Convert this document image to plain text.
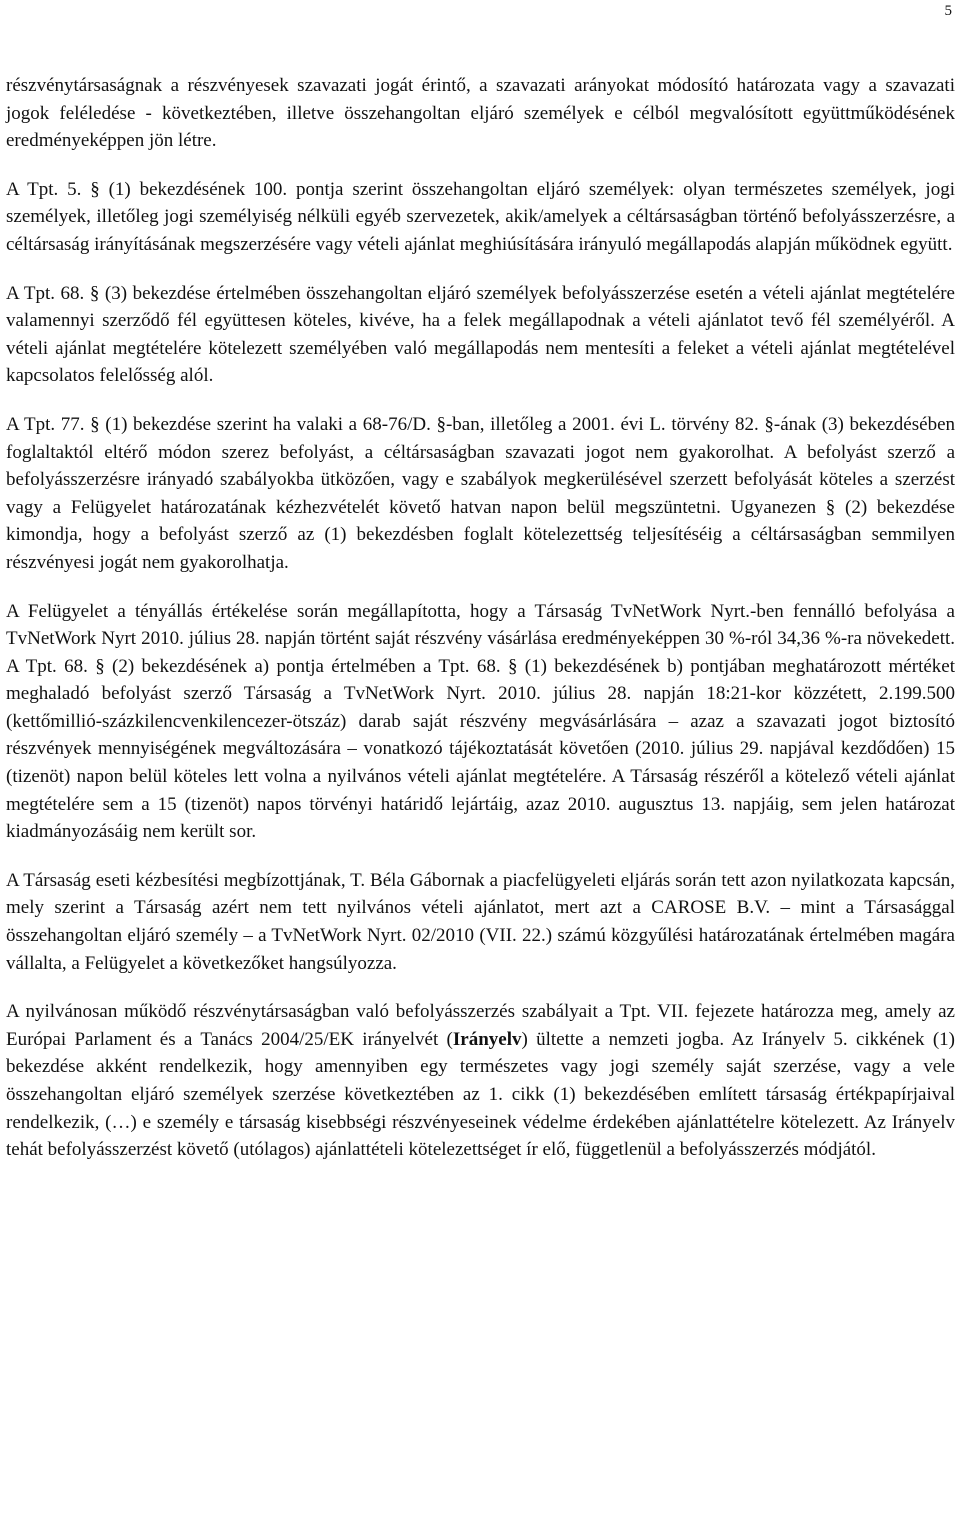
5

részvénytársaságnak a részvényesek szavazati jogát érintő, a szavazati arányokat módosító határozata vagy a szavazati jogok feléledése - következtében, illetve összehangoltan eljáró személyek e célból megvalósított együttműködésének eredményeképpen jön létre.

A Tpt. 5. § (1) bekezdésének 100. pontja szerint összehangoltan eljáró személyek: olyan természetes személyek, jogi személyek, illetőleg jogi személyiség nélküli egyéb szervezetek, akik/amelyek a céltársaságban történő befolyásszerzésre, a céltársaság irányításának megszerzésére vagy vételi ajánlat meghiúsítására irányuló megállapodás alapján működnek együtt.

A Tpt. 68. § (3) bekezdése értelmében összehangoltan eljáró személyek befolyásszerzése esetén a vételi ajánlat megtételére valamennyi szerződő fél együttesen köteles, kivéve, ha a felek megállapodnak a vételi ajánlatot tevő fél személyéről. A vételi ajánlat megtételére kötelezett személyében való megállapodás nem mentesíti a feleket a vételi ajánlat megtételével kapcsolatos felelősség alól.

A Tpt. 77. § (1) bekezdése szerint ha valaki a 68-76/D. §-ban, illetőleg a 2001. évi L. törvény 82. §-ának (3) bekezdésében foglaltaktól eltérő módon szerez befolyást, a céltársaságban szavazati jogot nem gyakorolhat. A befolyást szerző a befolyásszerzésre irányadó szabályokba ütközően, vagy e szabályok megkerülésével szerzett befolyását köteles a szerzést vagy a Felügyelet határozatának kézhezvételét követő hatvan napon belül megszüntetni. Ugyanezen § (2) bekezdése kimondja, hogy a befolyást szerző az (1) bekezdésben foglalt kötelezettség teljesítéséig a céltársaságban semmilyen részvényesi jogát nem gyakorolhatja.

A Felügyelet a tényállás értékelése során megállapította, hogy a Társaság TvNetWork Nyrt.-ben fennálló befolyása a TvNetWork Nyrt 2010. július 28. napján történt saját részvény vásárlása eredményeképpen 30 %-ról 34,36 %-ra növekedett. A Tpt. 68. § (2) bekezdésének a) pontja értelmében a Tpt. 68. § (1) bekezdésének b) pontjában meghatározott mértéket meghaladó befolyást szerző Társaság a TvNetWork Nyrt. 2010. július 28. napján 18:21-kor közzétett, 2.199.500 (kettőmillió-százkilencvenkilencezer-ötszáz) darab saját részvény megvásárlására – azaz a szavazati jogot biztosító részvények mennyiségének megváltozására – vonatkozó tájékoztatását követően (2010. július 29. napjával kezdődően) 15 (tizenöt) napon belül köteles lett volna a nyilvános vételi ajánlat megtételére. A Társaság részéről a kötelező vételi ajánlat megtételére sem a 15 (tizenöt) napos törvényi határidő lejártáig, azaz 2010. augusztus 13. napjáig, sem jelen határozat kiadmányozásáig nem került sor.

A Társaság eseti kézbesítési megbízottjának, T. Béla Gábornak a piacfelügyeleti eljárás során tett azon nyilatkozata kapcsán, mely szerint a Társaság azért nem tett nyilvános vételi ajánlatot, mert azt a CAROSE B.V. – mint a Társasággal összehangoltan eljáró személy – a TvNetWork Nyrt. 02/2010 (VII. 22.) számú közgyűlési határozatának értelmében magára vállalta, a Felügyelet a következőket hangsúlyozza.

A nyilvánosan működő részvénytársaságban való befolyásszerzés szabályait a Tpt. VII. fejezete határozza meg, amely az Európai Parlament és a Tanács 2004/25/EK irányelvét (Irányelv) ültette a nemzeti jogba. Az Irányelv 5. cikkének (1) bekezdése akként rendelkezik, hogy amennyiben egy természetes vagy jogi személy saját szerzése, vagy a vele összehangoltan eljáró személyek szerzése következtében az 1. cikk (1) bekezdésében említett társaság értékpapírjaival rendelkezik, (…) e személy e társaság kisebbségi részvényeseinek védelme érdekében ajánlattételre kötelezett. Az Irányelv tehát befolyásszerzést követő (utólagos) ajánlattételi kötelezettséget ír elő, függetlenül a befolyásszerzés módjától.
